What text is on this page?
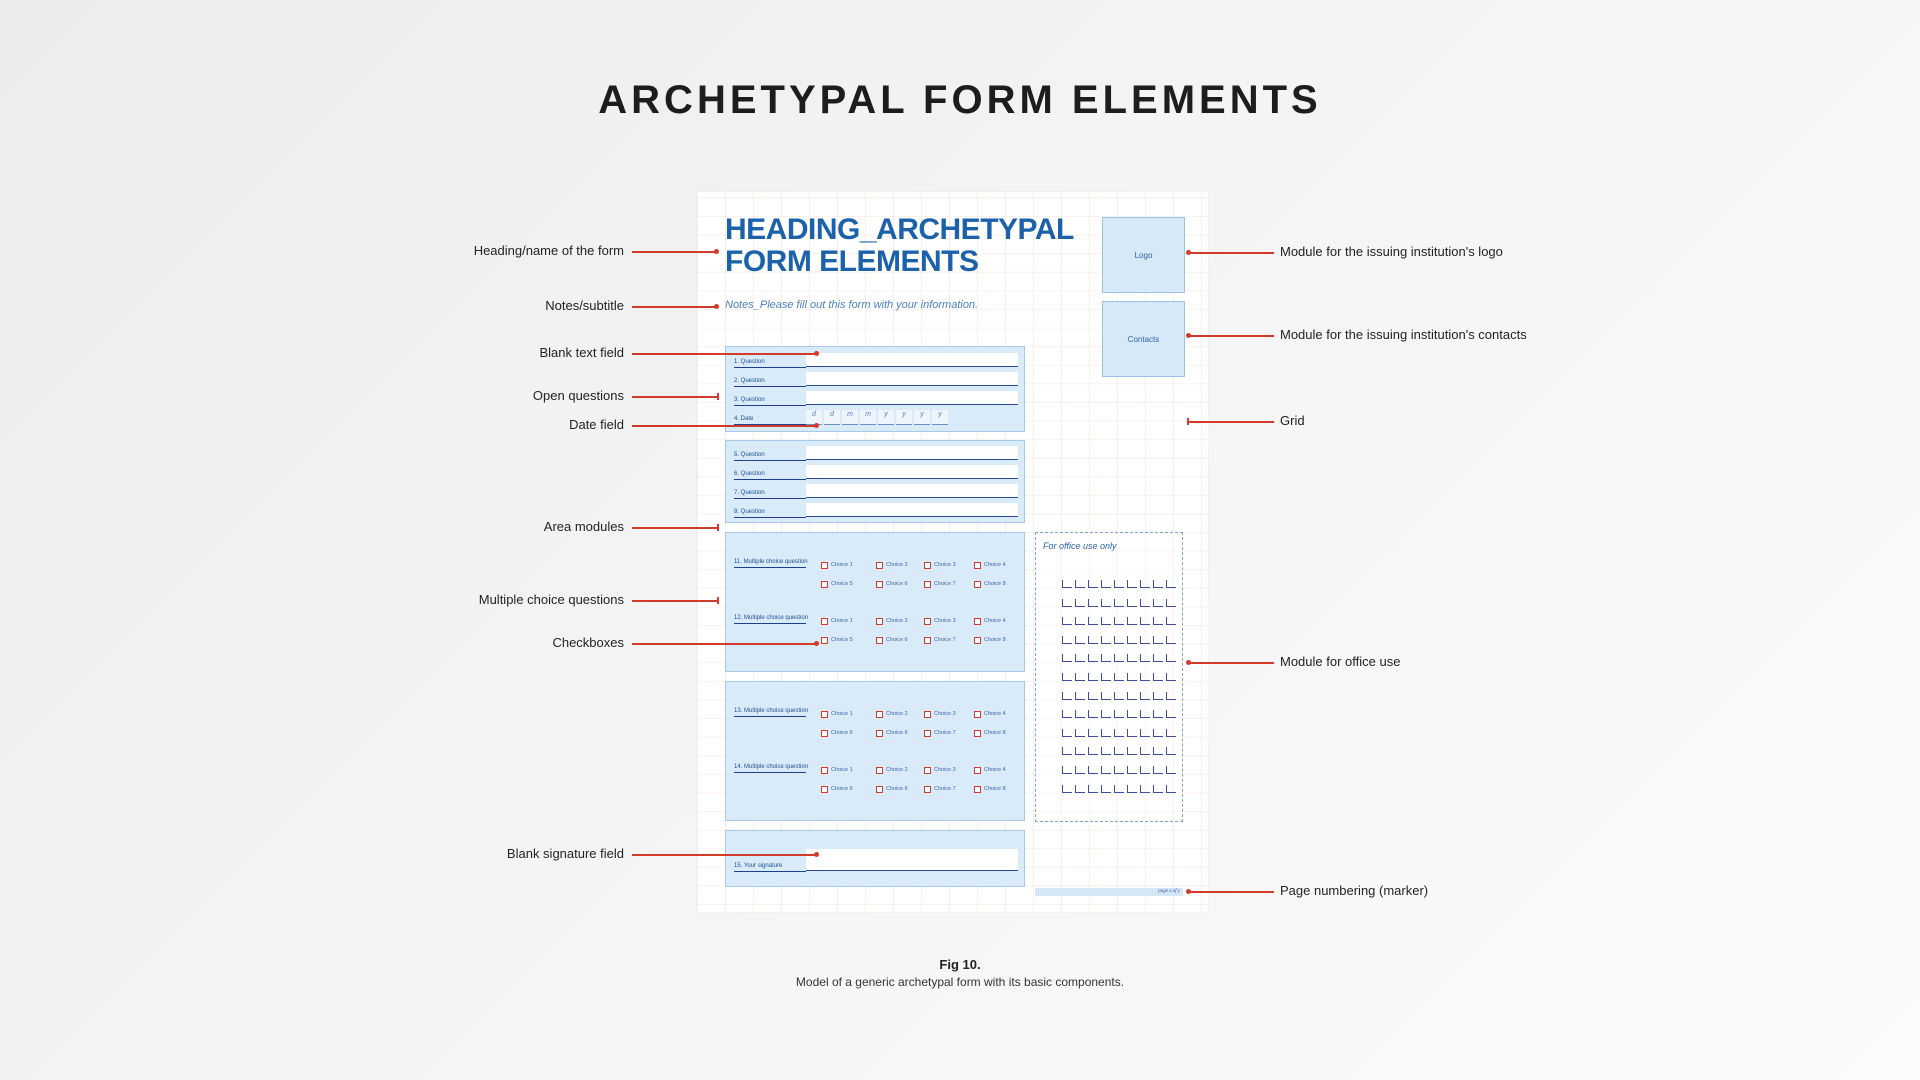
ARCHETYPAL FORM ELEMENTS
HEADING_ARCHETYPAL
FORM ELEMENTS
Notes_Please fill out this form with your information.
Logo
Contacts
1. Question
2. Question
3. Question
4. Date
d	d	m	m	y	y	y	y
5. Question
6. Question
7. Question
8. Question
11. Multiple choice question	Choice 1	Choice 2	Choice 3	Choice 4
Choice 5	Choice 6	Choice 7	Choice 8
12. Multiple choice question	Choice 1	Choice 2	Choice 3	Choice 4
Choice 5	Choice 6	Choice 7	Choice 8
13. Multiple choice question	Choice 1	Choice 2	Choice 3	Choice 4
Choice 5	Choice 6	Choice 7	Choice 8
14. Multiple choice question	Choice 1	Choice 2	Choice 3	Choice 4
Choice 5	Choice 6	Choice 7	Choice 8
15. Your signature
For office use only
page x of y
Heading/name of the form
Notes/subtitle
Blank text field
Open questions
Date field
Area modules
Multiple choice questions
Checkboxes
Blank signature field
Module for the issuing institution's logo
Module for the issuing institution's contacts
Grid
Module for office use
Page numbering (marker)
Fig 10.
Model of a generic archetypal form with its basic components.
